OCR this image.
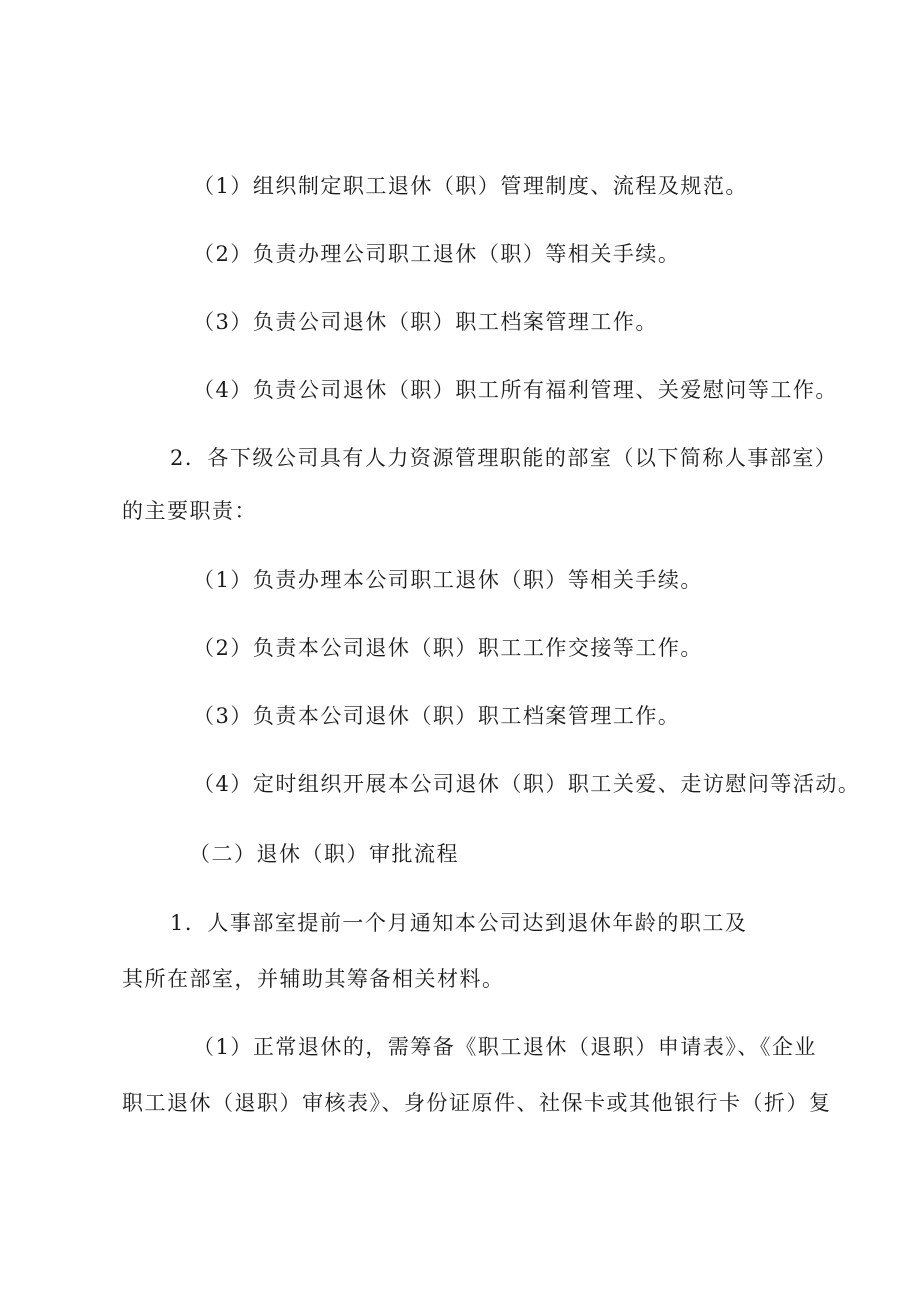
（1）组织制定职工退休（职）管理制度、流程及规范。
（2）负责办理公司职工退休（职）等相关手续。
（3）负责公司退休（职）职工档案管理工作。
（4）负责公司退休（职）职工所有福利管理、关爱慰问等工作。
2．各下级公司具有人力资源管理职能的部室（以下简称人事部室）
的主要职责：
（1）负责办理本公司职工退休（职）等相关手续。
（2）负责本公司退休（职）职工工作交接等工作。
（3）负责本公司退休（职）职工档案管理工作。
（4）定时组织开展本公司退休（职）职工关爱、走访慰问等活动。
（二）退休（职）审批流程
1．人事部室提前一个月通知本公司达到退休年龄的职工及
其所在部室，并辅助其筹备相关材料。
（1）正常退休的，需筹备《职工退休（退职）申请表》、《企业
职工退休（退职）审核表》、身份证原件、社保卡或其他银行卡（折）复
